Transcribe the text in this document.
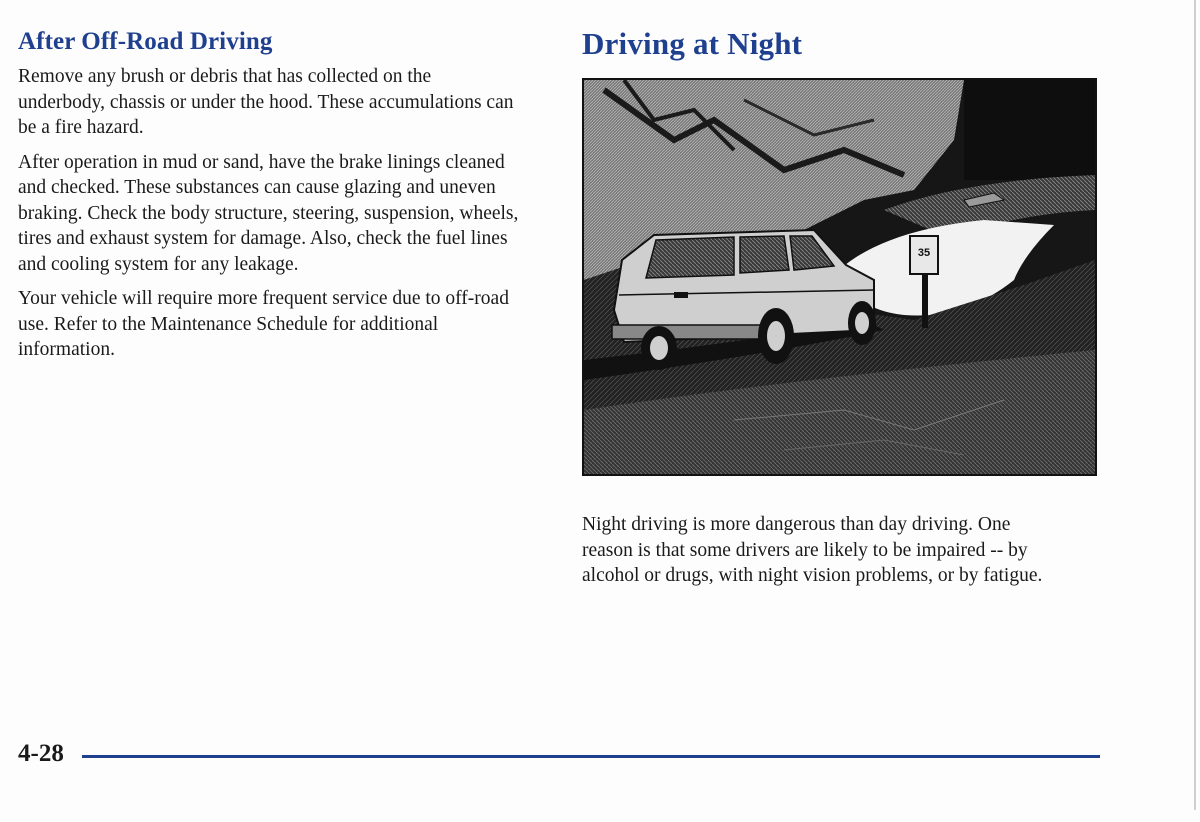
After Off-Road Driving

Remove any brush or debris that has collected on the underbody, chassis or under the hood. These accumulations can be a fire hazard.

After operation in mud or sand, have the brake linings cleaned and checked. These substances can cause glazing and uneven braking. Check the body structure, steering, suspension, wheels, tires and exhaust system for damage. Also, check the fuel lines and cooling system for any leakage.

Your vehicle will require more frequent service due to off-road use. Refer to the Maintenance Schedule for additional information.

Driving at Night
35

Night driving is more dangerous than day driving. One reason is that some drivers are likely to be impaired -- by alcohol or drugs, with night vision problems, or by fatigue.

4-28
